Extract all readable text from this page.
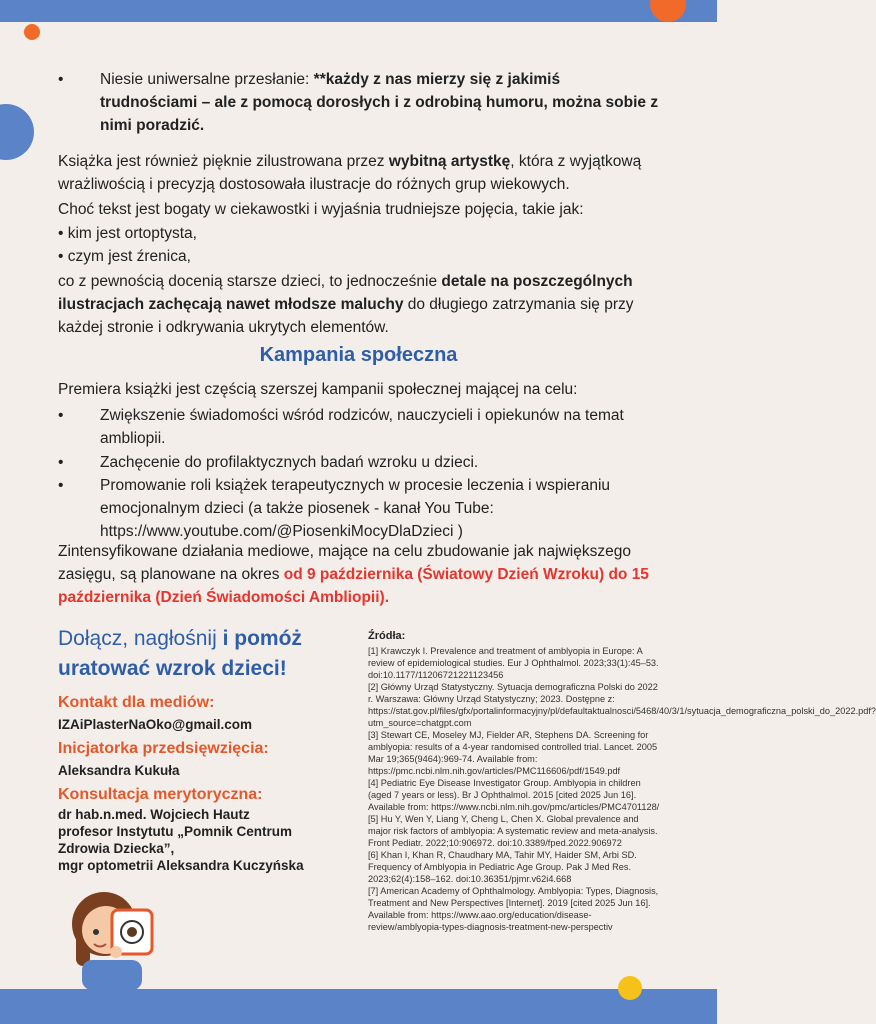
• Niesie uniwersalne przesłanie: **każdy z nas mierzy się z jakimiś trudnościami – ale z pomocą dorosłych i z odrobiną humoru, można sobie z nimi poradzić.
Książka jest również pięknie zilustrowana przez wybitną artystkę, która z wyjątkową wrażliwością i precyzją dostosowała ilustracje do różnych grup wiekowych.
Choć tekst jest bogaty w ciekawostki i wyjaśnia trudniejsze pojęcia, takie jak:
• kim jest ortoptysta,
• czym jest źrenica,
co z pewnością docenią starsze dzieci, to jednocześnie detale na poszczególnych ilustracjach zachęcają nawet młodsze maluchy do długiego zatrzymania się przy każdej stronie i odkrywania ukrytych elementów.
Kampania społeczna
Premiera książki jest częścią szerszej kampanii społecznej mającej na celu:
• Zwiększenie świadomości wśród rodziców, nauczycieli i opiekunów na temat ambliopii.
• Zachęcenie do profilaktycznych badań wzroku u dzieci.
• Promowanie roli książek terapeutycznych w procesie leczenia i wspieraniu emocjonalnym dzieci (a także piosenek - kanał You Tube: https://www.youtube.com/@PiosenkiMocyDlaDzieci )
Zintensyfikowane działania mediowe, mające na celu zbudowanie jak największego zasięgu, są planowane na okres od 9 października (Światowy Dzień Wzroku) do 15 października (Dzień Świadomości Ambliopii).
Dołącz, nagłośnij i pomóż
uratować wzrok dzieci!
Kontakt dla mediów:
IZAiPlasterNaOko@gmail.com
Inicjatorka przedsięwzięcia:
Aleksandra Kukuła
Konsultacja merytoryczna:
dr hab.n.med. Wojciech Hautz
profesor Instytutu „Pomnik Centrum
Zdrowia Dziecka”,
mgr optometrii Aleksandra Kuczyńska
Źródła:

[1] Krawczyk I. Prevalence and treatment of amblyopia in Europe: A review of epidemiological studies. Eur J Ophthalmol. 2023;33(1):45–53. doi:10.1177/11206721221123456

[2] Główny Urząd Statystyczny. Sytuacja demograficzna Polski do 2022 r. Warszawa: Główny Urząd Statystyczny; 2023. Dostępne z: https://stat.gov.pl/files/gfx/portalinformacyjny/pl/defaultaktualnosci/5468/40/3/1/sytuacja_demograficzna_polski_do_2022.pdf?utm_source=chatgpt.com

[3] Stewart CE, Moseley MJ, Fielder AR, Stephens DA. Screening for amblyopia: results of a 4-year randomised controlled trial. Lancet. 2005 Mar 19;365(9464):969-74. Available from: https://pmc.ncbi.nlm.nih.gov/articles/PMC116606/pdf/1549.pdf

[4] Pediatric Eye Disease Investigator Group. Amblyopia in children (aged 7 years or less). Br J Ophthalmol. 2015 [cited 2025 Jun 16]. Available from: https://www.ncbi.nlm.nih.gov/pmc/articles/PMC4701128/

[5] Hu Y, Wen Y, Liang Y, Cheng L, Chen X. Global prevalence and major risk factors of amblyopia: A systematic review and meta-analysis. Front Pediatr. 2022;10:906972. doi:10.3389/fped.2022.906972

[6] Khan I, Khan R, Chaudhary MA, Tahir MY, Haider SM, Arbi SD. Frequency of Amblyopia in Pediatric Age Group. Pak J Med Res. 2023;62(4):158–162. doi:10.36351/pjmr.v62i4.668

[7] American Academy of Ophthalmology. Amblyopia: Types, Diagnosis, Treatment and New Perspectives [Internet]. 2019 [cited 2025 Jun 16]. Available from: https://www.aao.org/education/disease-review/amblyopia-types-diagnosis-treatment-new-perspectiv
